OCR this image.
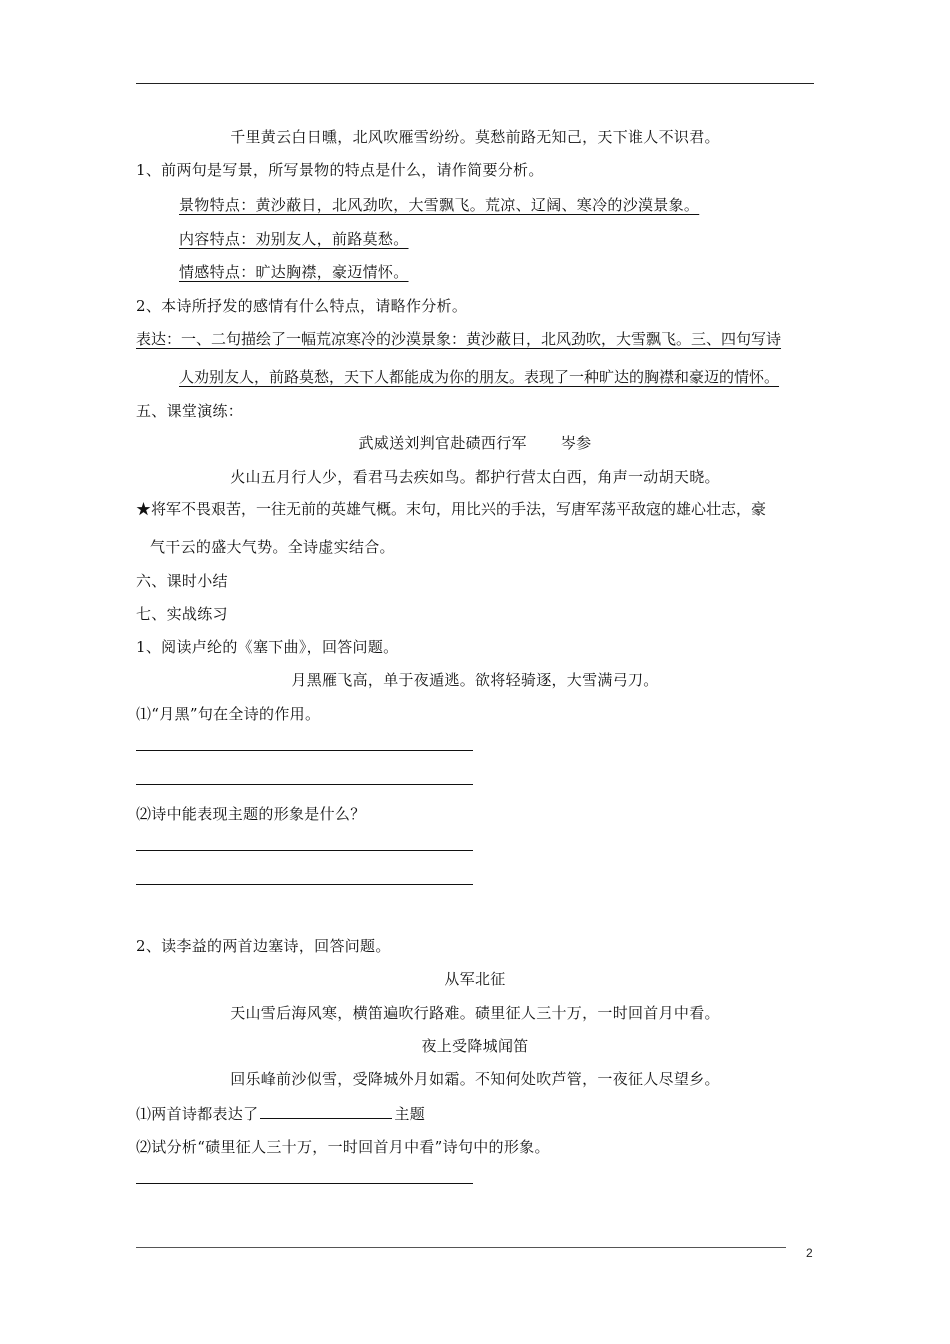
千里黄云白日曛，北风吹雁雪纷纷。莫愁前路无知己，天下谁人不识君。
1、前两句是写景，所写景物的特点是什么，请作简要分析。
景物特点：黄沙蔽日，北风劲吹，大雪飘飞。荒凉、辽阔、寒冷的沙漠景象。
内容特点：劝别友人，前路莫愁。
情感特点：旷达胸襟，豪迈情怀。
2、本诗所抒发的感情有什么特点，请略作分析。
表达：一、二句描绘了一幅荒凉寒冷的沙漠景象：黄沙蔽日，北风劲吹，大雪飘飞。三、四句写诗
人劝别友人，前路莫愁，天下人都能成为你的朋友。表现了一种旷达的胸襟和豪迈的情怀。
五、课堂演练：
武威送刘判官赴碛西行军 岑参
火山五月行人少，看君马去疾如鸟。都护行营太白西，角声一动胡天晓。
★将军不畏艰苦，一往无前的英雄气概。末句，用比兴的手法，写唐军荡平敌寇的雄心壮志，豪
气干云的盛大气势。全诗虚实结合。
六、课时小结
七、实战练习
1、阅读卢纶的《塞下曲》，回答问题。
月黑雁飞高，单于夜遁逃。欲将轻骑逐，大雪满弓刀。
⑴“月黑”句在全诗的作用。
⑵诗中能表现主题的形象是什么？
2、读李益的两首边塞诗，回答问题。
从军北征
天山雪后海风寒，横笛遍吹行路难。碛里征人三十万，一时回首月中看。
夜上受降城闻笛
回乐峰前沙似雪，受降城外月如霜。不知何处吹芦管，一夜征人尽望乡。
⑴两首诗都表达了	主题
⑵试分析“碛里征人三十万，一时回首月中看”诗句中的形象。
2
